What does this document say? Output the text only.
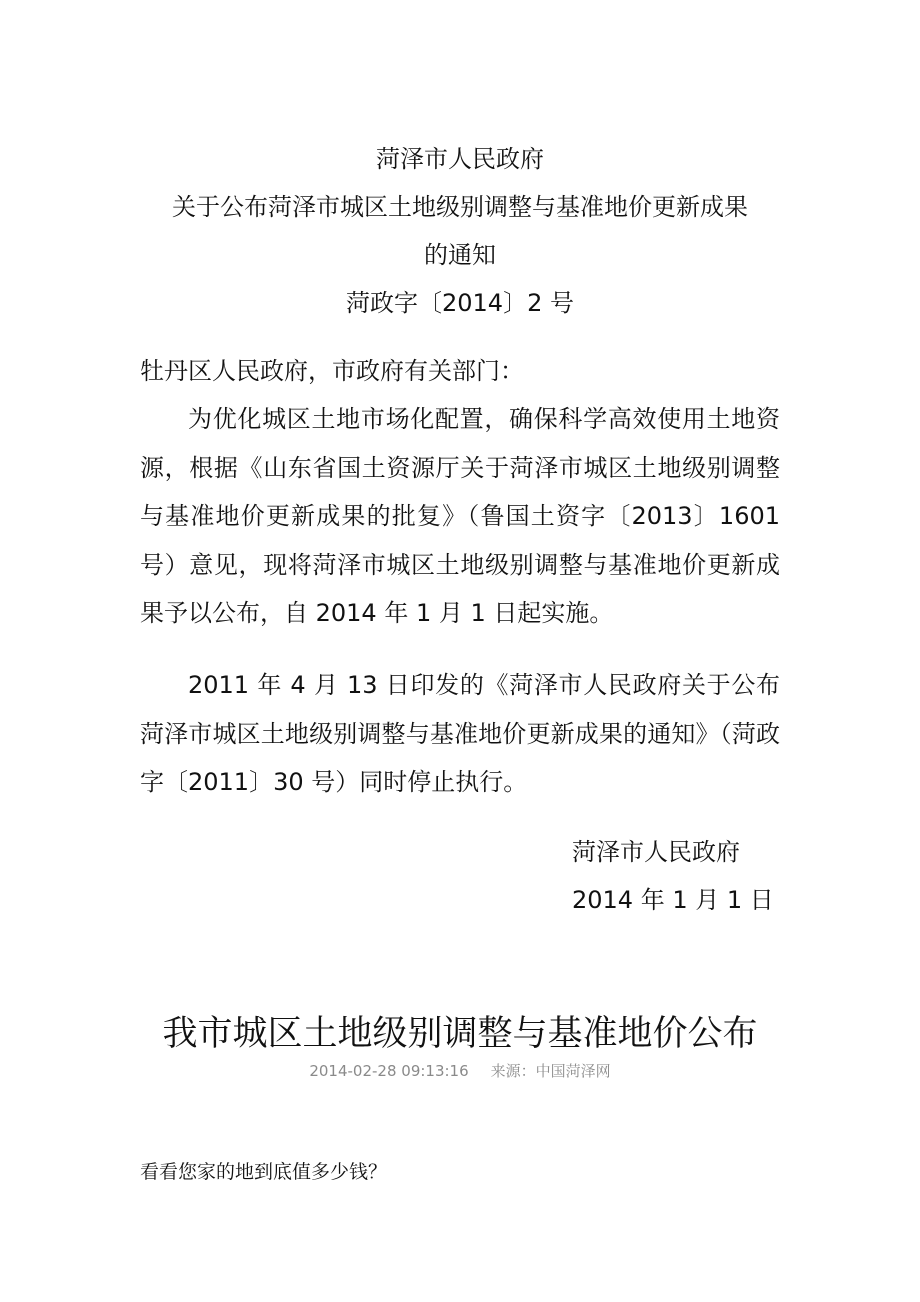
菏泽市人民政府
关于公布菏泽市城区土地级别调整与基准地价更新成果
的通知
菏政字〔2014〕2 号
牡丹区人民政府，市政府有关部门：
为优化城区土地市场化配置，确保科学高效使用土地资源，根据《山东省国土资源厅关于菏泽市城区土地级别调整与基准地价更新成果的批复》（鲁国土资字〔2013〕1601 号）意见，现将菏泽市城区土地级别调整与基准地价更新成果予以公布，自 2014 年 1 月 1 日起实施。
2011 年 4 月 13 日印发的《菏泽市人民政府关于公布菏泽市城区土地级别调整与基准地价更新成果的通知》（菏政字〔2011〕30 号）同时停止执行。
菏泽市人民政府
2014 年 1 月 1 日
我市城区土地级别调整与基准地价公布
2014-02-28 09:13:16 来源：中国菏泽网
看看您家的地到底值多少钱？
